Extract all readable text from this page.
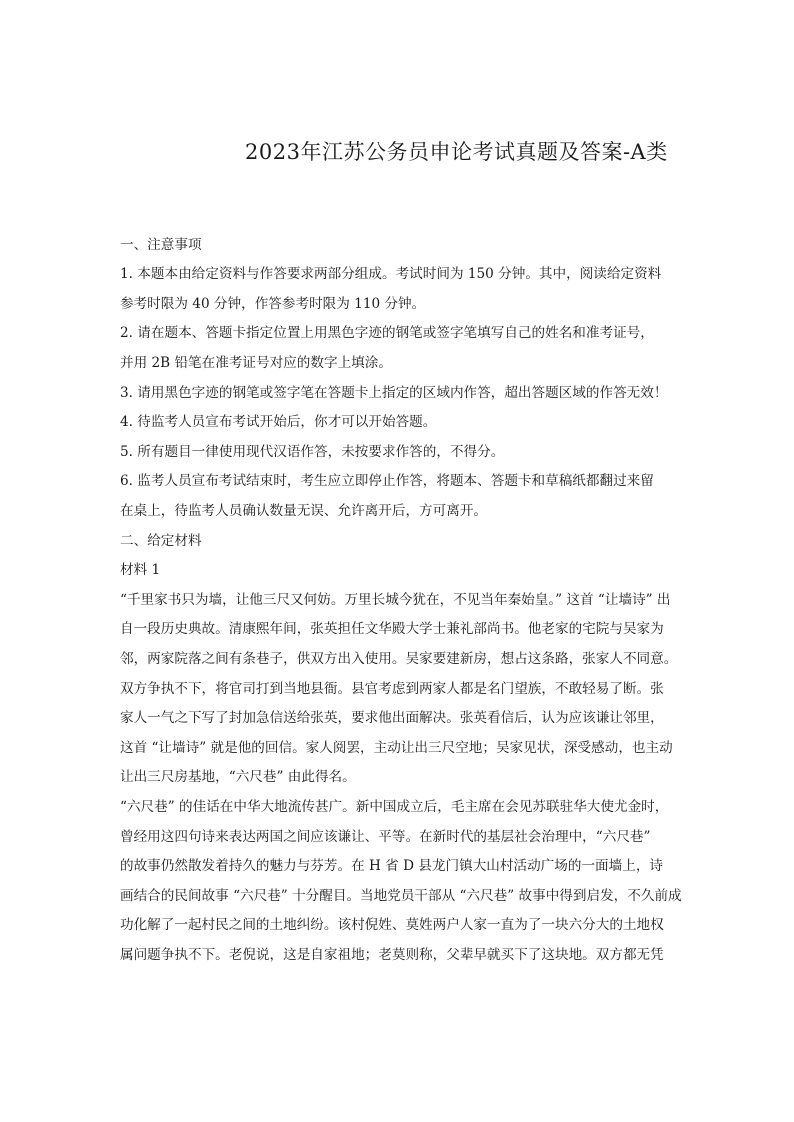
2023年江苏公务员申论考试真题及答案-A类
一、注意事项
1. 本题本由给定资料与作答要求两部分组成。考试时间为 150 分钟。其中，阅读给定资料
参考时限为 40 分钟，作答参考时限为 110 分钟。
2. 请在题本、答题卡指定位置上用黑色字迹的钢笔或签字笔填写自己的姓名和准考证号，
并用 2B 铅笔在准考证号对应的数字上填涂。
3. 请用黑色字迹的钢笔或签字笔在答题卡上指定的区域内作答，超出答题区域的作答无效！
4. 待监考人员宣布考试开始后，你才可以开始答题。
5. 所有题目一律使用现代汉语作答，未按要求作答的，不得分。
6. 监考人员宣布考试结束时，考生应立即停止作答，将题本、答题卡和草稿纸都翻过来留
在桌上，待监考人员确认数量无误、允许离开后，方可离开。
二、给定材料
材料 1
“千里家书只为墙，让他三尺又何妨。万里长城今犹在，不见当年秦始皇。” 这首 “让墙诗” 出
自一段历史典故。清康熙年间，张英担任文华殿大学士兼礼部尚书。他老家的宅院与吴家为
邻，两家院落之间有条巷子，供双方出入使用。吴家要建新房，想占这条路，张家人不同意。
双方争执不下，将官司打到当地县衙。县官考虑到两家人都是名门望族，不敢轻易了断。张
家人一气之下写了封加急信送给张英，要求他出面解决。张英看信后，认为应该谦让邻里，
这首 “让墙诗” 就是他的回信。家人阅罢，主动让出三尺空地；吴家见状，深受感动，也主动
让出三尺房基地，“六尺巷” 由此得名。
“六尺巷” 的佳话在中华大地流传甚广。新中国成立后，毛主席在会见苏联驻华大使尤金时，
曾经用这四句诗来表达两国之间应该谦让、平等。在新时代的基层社会治理中，“六尺巷”
的故事仍然散发着持久的魅力与芬芳。在 H 省 D 县龙门镇大山村活动广场的一面墙上，诗
画结合的民间故事 “六尺巷” 十分醒目。当地党员干部从 “六尺巷” 故事中得到启发，不久前成
功化解了一起村民之间的土地纠纷。该村倪姓、莫姓两户人家一直为了一块六分大的土地权
属问题争执不下。老倪说，这是自家祖地；老莫则称，父辈早就买下了这块地。双方都无凭
